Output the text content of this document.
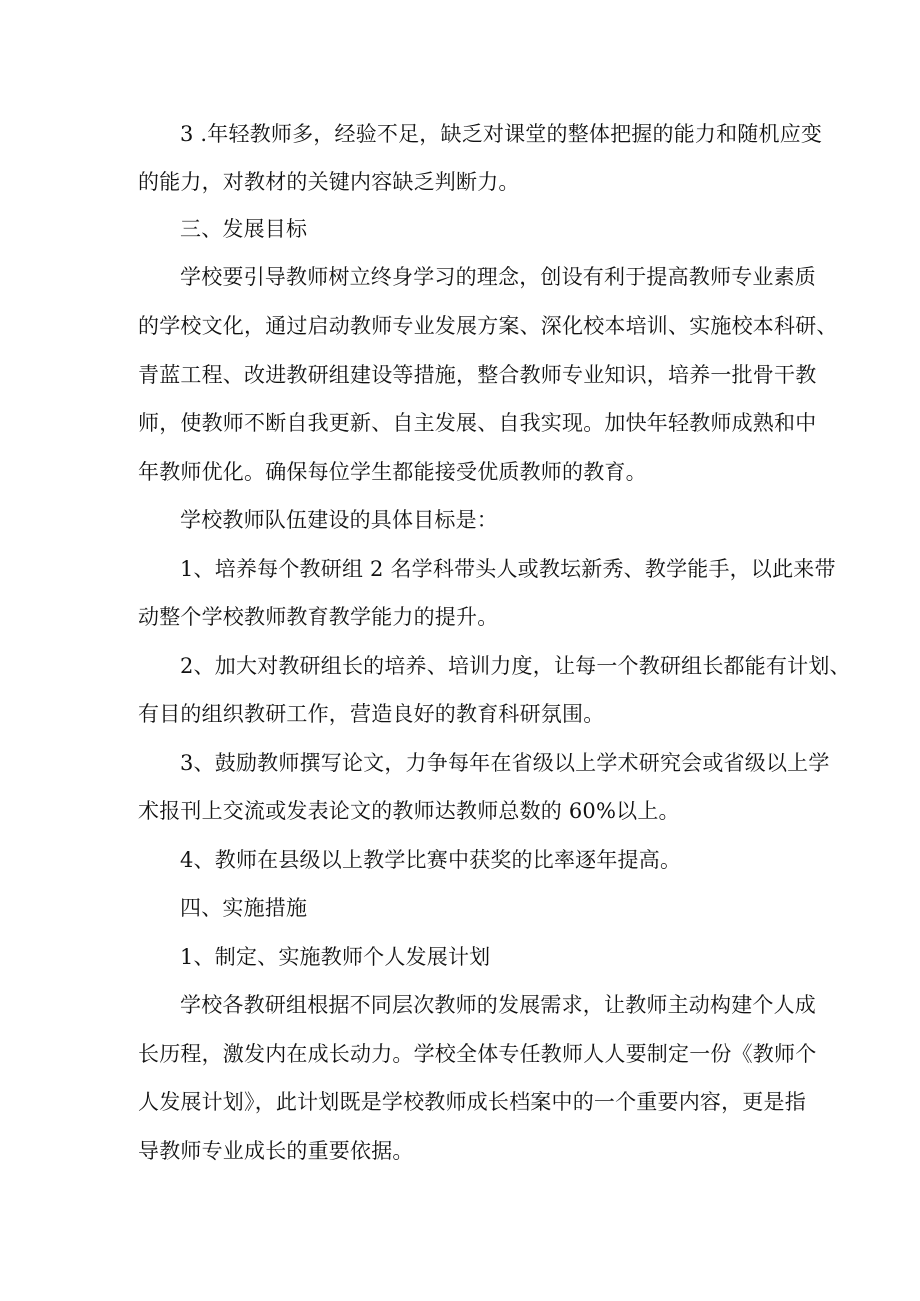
3 .年轻教师多，经验不足，缺乏对课堂的整体把握的能力和随机应变
的能力，对教材的关键内容缺乏判断力。
三、发展目标
学校要引导教师树立终身学习的理念，创设有利于提高教师专业素质
的学校文化，通过启动教师专业发展方案、深化校本培训、实施校本科研、
青蓝工程、改进教研组建设等措施，整合教师专业知识，培养一批骨干教
师，使教师不断自我更新、自主发展、自我实现。加快年轻教师成熟和中
年教师优化。确保每位学生都能接受优质教师的教育。
学校教师队伍建设的具体目标是：
1、培养每个教研组 2 名学科带头人或教坛新秀、教学能手，以此来带
动整个学校教师教育教学能力的提升。
2、加大对教研组长的培养、培训力度，让每一个教研组长都能有计划、
有目的组织教研工作，营造良好的教育科研氛围。
3、鼓励教师撰写论文，力争每年在省级以上学术研究会或省级以上学
术报刊上交流或发表论文的教师达教师总数的 60%以上。
4、教师在县级以上教学比赛中获奖的比率逐年提高。
四、实施措施
1、制定、实施教师个人发展计划
学校各教研组根据不同层次教师的发展需求，让教师主动构建个人成
长历程，激发内在成长动力。学校全体专任教师人人要制定一份《教师个
人发展计划》，此计划既是学校教师成长档案中的一个重要内容，更是指
导教师专业成长的重要依据。
